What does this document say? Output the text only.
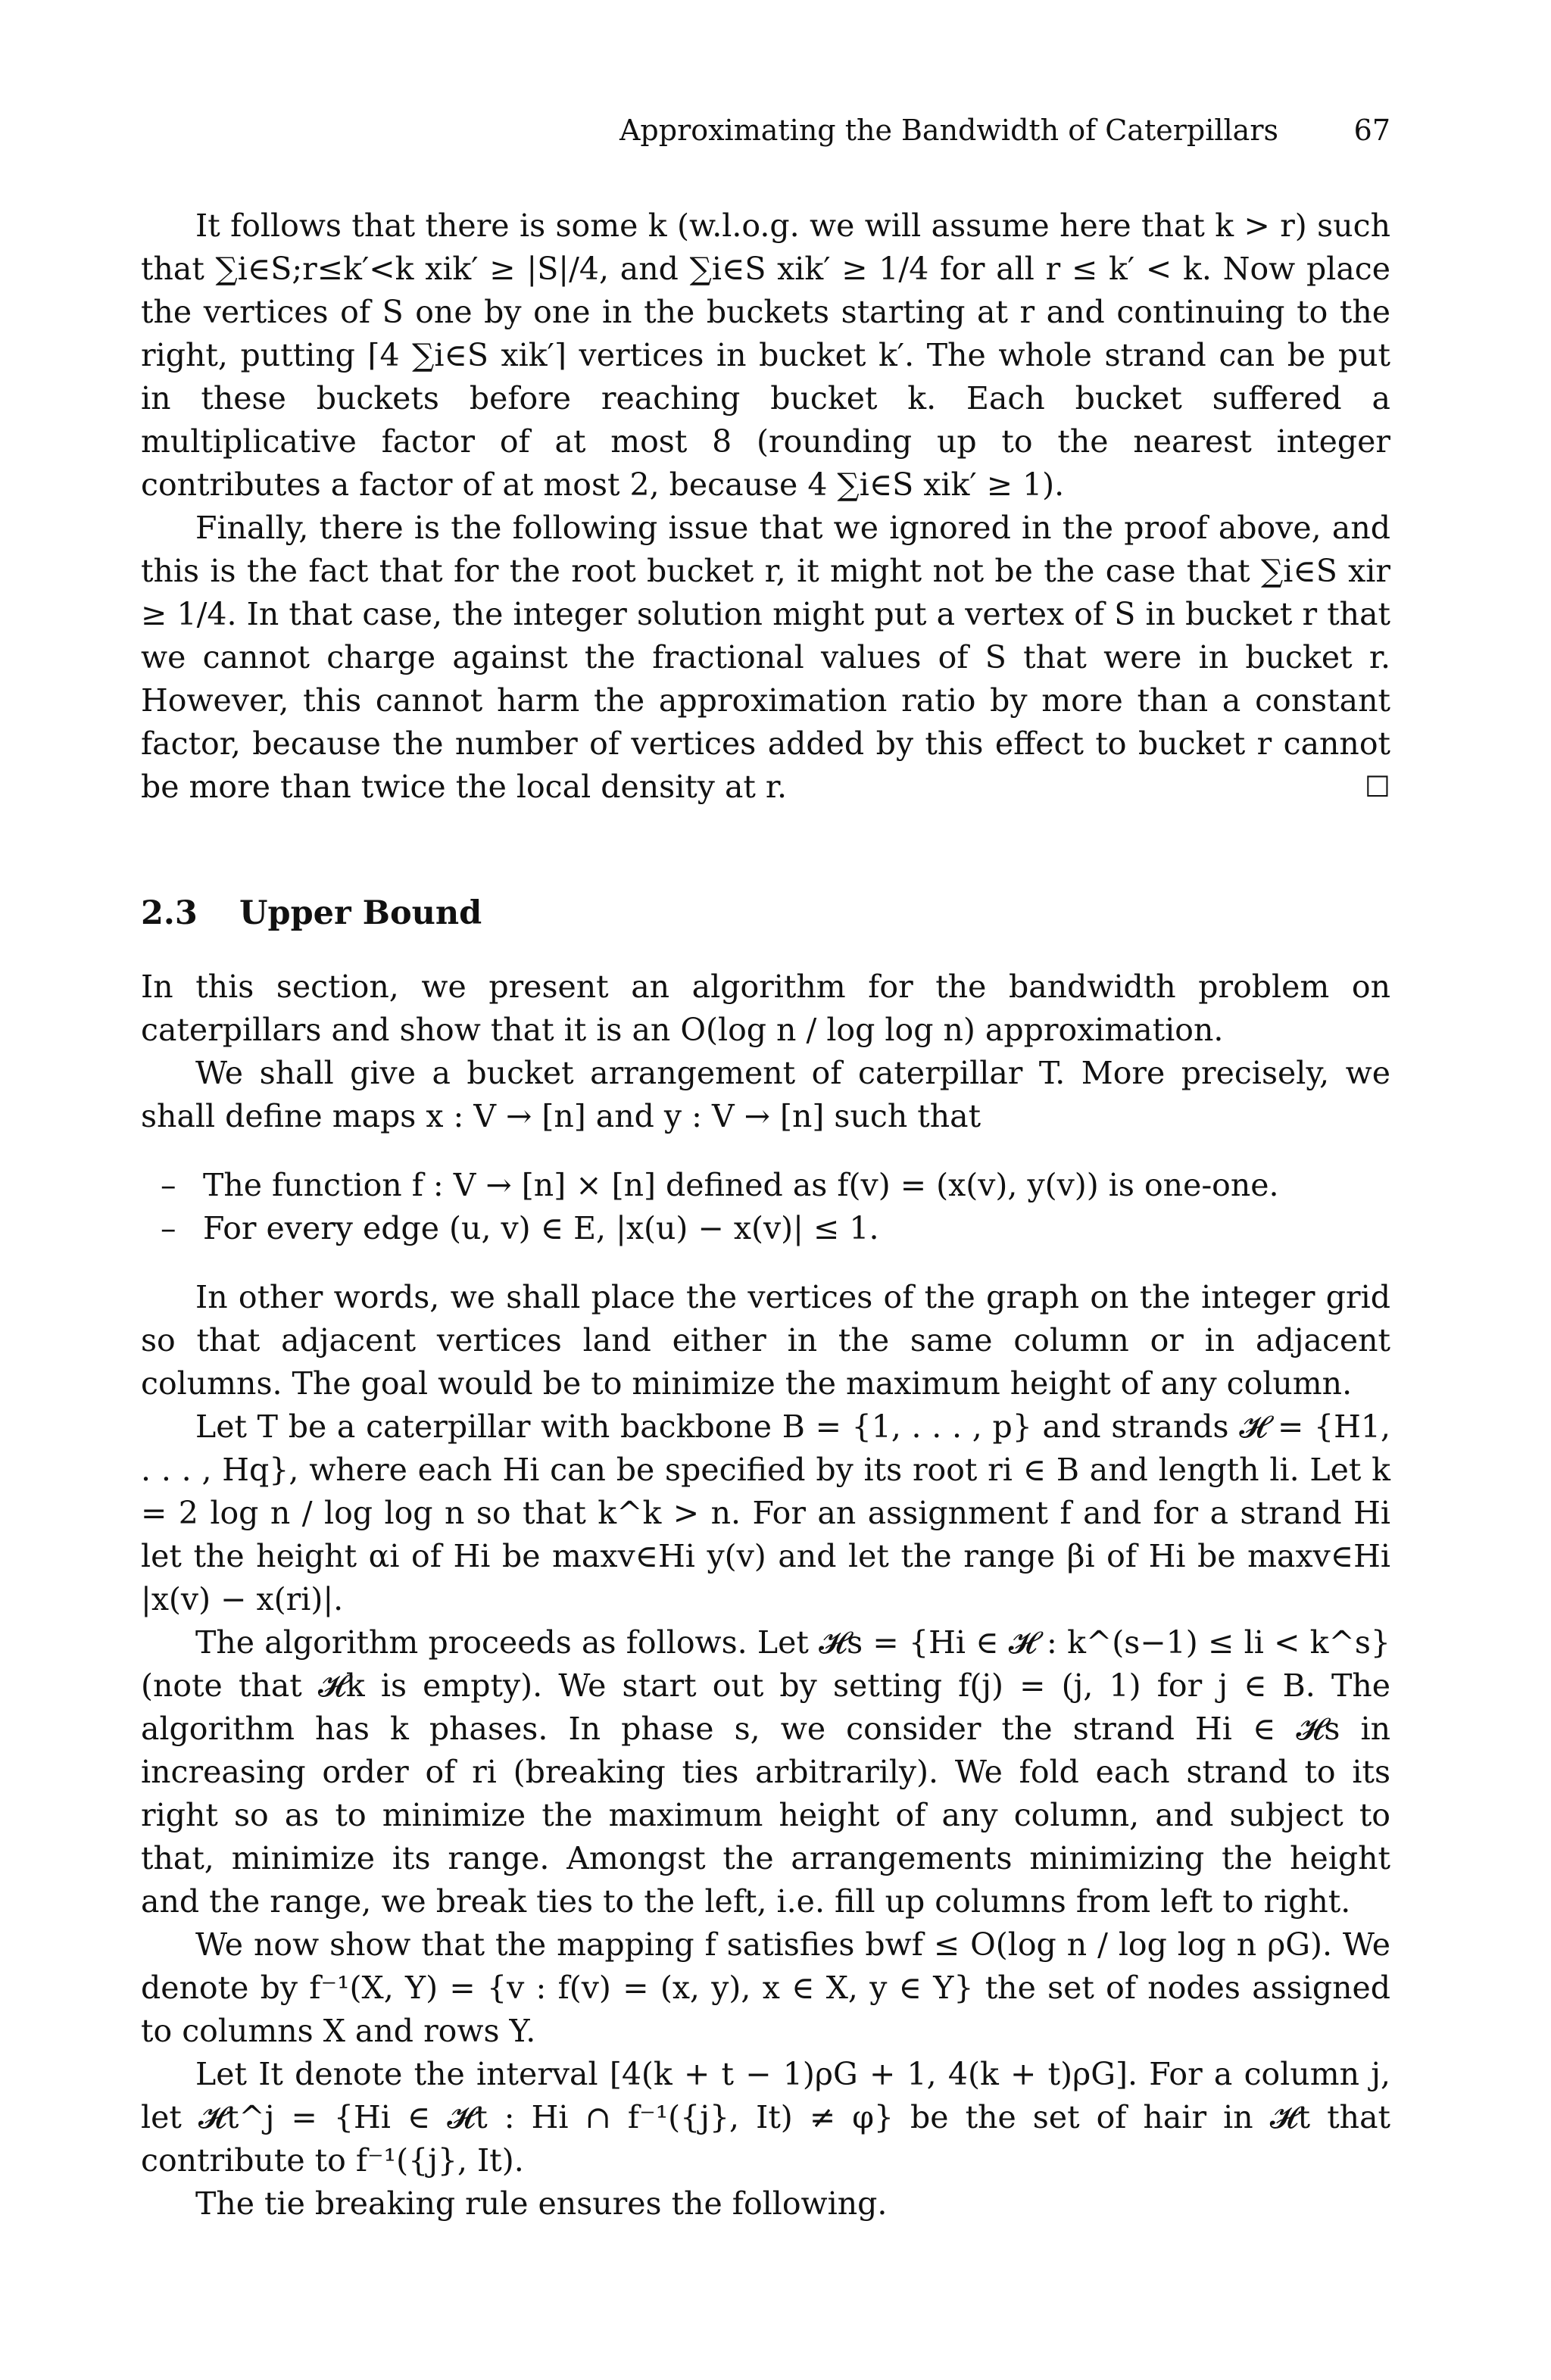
Approximating the Bandwidth of Caterpillars	67

It follows that there is some k (w.l.o.g. we will assume here that k > r) such that ∑i∈S;r≤k′<k xik′ ≥ |S|/4, and ∑i∈S xik′ ≥ 1/4 for all r ≤ k′ < k. Now place the vertices of S one by one in the buckets starting at r and continuing to the right, putting ⌈4 ∑i∈S xik′⌉ vertices in bucket k′. The whole strand can be put in these buckets before reaching bucket k. Each bucket suffered a multiplicative factor of at most 8 (rounding up to the nearest integer contributes a factor of at most 2, because 4 ∑i∈S xik′ ≥ 1).

Finally, there is the following issue that we ignored in the proof above, and this is the fact that for the root bucket r, it might not be the case that ∑i∈S xir ≥ 1/4. In that case, the integer solution might put a vertex of S in bucket r that we cannot charge against the fractional values of S that were in bucket r. However, this cannot harm the approximation ratio by more than a constant factor, because the number of vertices added by this effect to bucket r cannot be more than twice the local density at r.	☐

2.3 Upper Bound

In this section, we present an algorithm for the bandwidth problem on caterpillars and show that it is an O(log n / log log n) approximation.

We shall give a bucket arrangement of caterpillar T. More precisely, we shall define maps x : V → [n] and y : V → [n] such that

– The function f : V → [n] × [n] defined as f(v) = (x(v), y(v)) is one-one.
– For every edge (u, v) ∈ E, |x(u) − x(v)| ≤ 1.

In other words, we shall place the vertices of the graph on the integer grid so that adjacent vertices land either in the same column or in adjacent columns. The goal would be to minimize the maximum height of any column.

Let T be a caterpillar with backbone B = {1, . . . , p} and strands 𝓗 = {H1, . . . , Hq}, where each Hi can be specified by its root ri ∈ B and length li. Let k = 2 log n / log log n so that k^k > n. For an assignment f and for a strand Hi let the height αi of Hi be maxv∈Hi y(v) and let the range βi of Hi be maxv∈Hi |x(v) − x(ri)|.

The algorithm proceeds as follows. Let 𝓗s = {Hi ∈ 𝓗 : k^(s−1) ≤ li < k^s} (note that 𝓗k is empty). We start out by setting f(j) = (j, 1) for j ∈ B. The algorithm has k phases. In phase s, we consider the strand Hi ∈ 𝓗s in increasing order of ri (breaking ties arbitrarily). We fold each strand to its right so as to minimize the maximum height of any column, and subject to that, minimize its range. Amongst the arrangements minimizing the height and the range, we break ties to the left, i.e. fill up columns from left to right.

We now show that the mapping f satisfies bwf ≤ O(log n / log log n ρG). We denote by f⁻¹(X, Y) = {v : f(v) = (x, y), x ∈ X, y ∈ Y} the set of nodes assigned to columns X and rows Y.

Let It denote the interval [4(k + t − 1)ρG + 1, 4(k + t)ρG]. For a column j, let 𝓗t^j = {Hi ∈ 𝓗t : Hi ∩ f⁻¹({j}, It) ≠ φ} be the set of hair in 𝓗t that contribute to f⁻¹({j}, It).

The tie breaking rule ensures the following.
